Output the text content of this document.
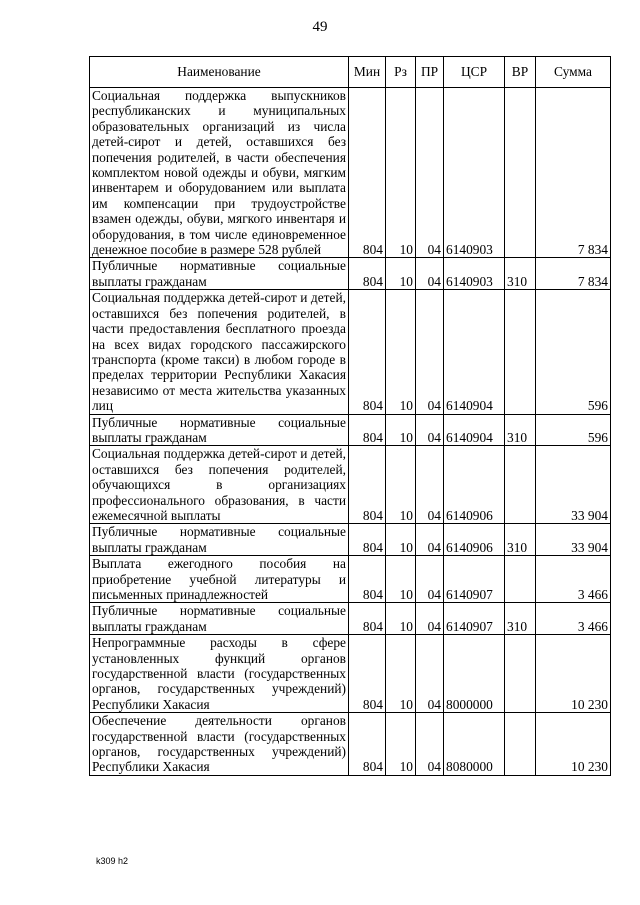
49
Наименование	Мин	Рз	ПР	ЦСР	ВР	Сумма
Социальная поддержка выпускников республиканских и муниципальных образовательных организаций из числа детей-сирот и детей, оставшихся без попечения родителей, в части обеспечения комплектом новой одежды и обуви, мягким инвентарем и оборудованием или выплата им компенсации при трудоустройстве взамен одежды, обуви, мягкого инвентаря и оборудования, в том числе единовременное денежное пособие в размере 528 рублей	804	10	04	6140903		7 834
Публичные нормативные социальные выплаты гражданам	804	10	04	6140903	310	7 834
Социальная поддержка детей-сирот и детей, оставшихся без попечения родителей, в части предоставления бесплатного проезда на всех видах городского пассажирского транспорта (кроме такси) в любом городе в пределах территории Республики Хакасия независимо от места жительства указанных лиц	804	10	04	6140904		596
Публичные нормативные социальные выплаты гражданам	804	10	04	6140904	310	596
Социальная поддержка детей-сирот и детей, оставшихся без попечения родителей, обучающихся в организациях профессионального образования, в части ежемесячной выплаты	804	10	04	6140906		33 904
Публичные нормативные социальные выплаты гражданам	804	10	04	6140906	310	33 904
Выплата ежегодного пособия на приобретение учебной литературы и письменных принадлежностей	804	10	04	6140907		3 466
Публичные нормативные социальные выплаты гражданам	804	10	04	6140907	310	3 466
Непрограммные расходы в сфере установленных функций органов государственной власти (государственных органов, государственных учреждений) Республики Хакасия	804	10	04	8000000		10 230
Обеспечение деятельности органов государственной власти (государственных органов, государственных учреждений) Республики Хакасия	804	10	04	8080000		10 230
k309 h2
